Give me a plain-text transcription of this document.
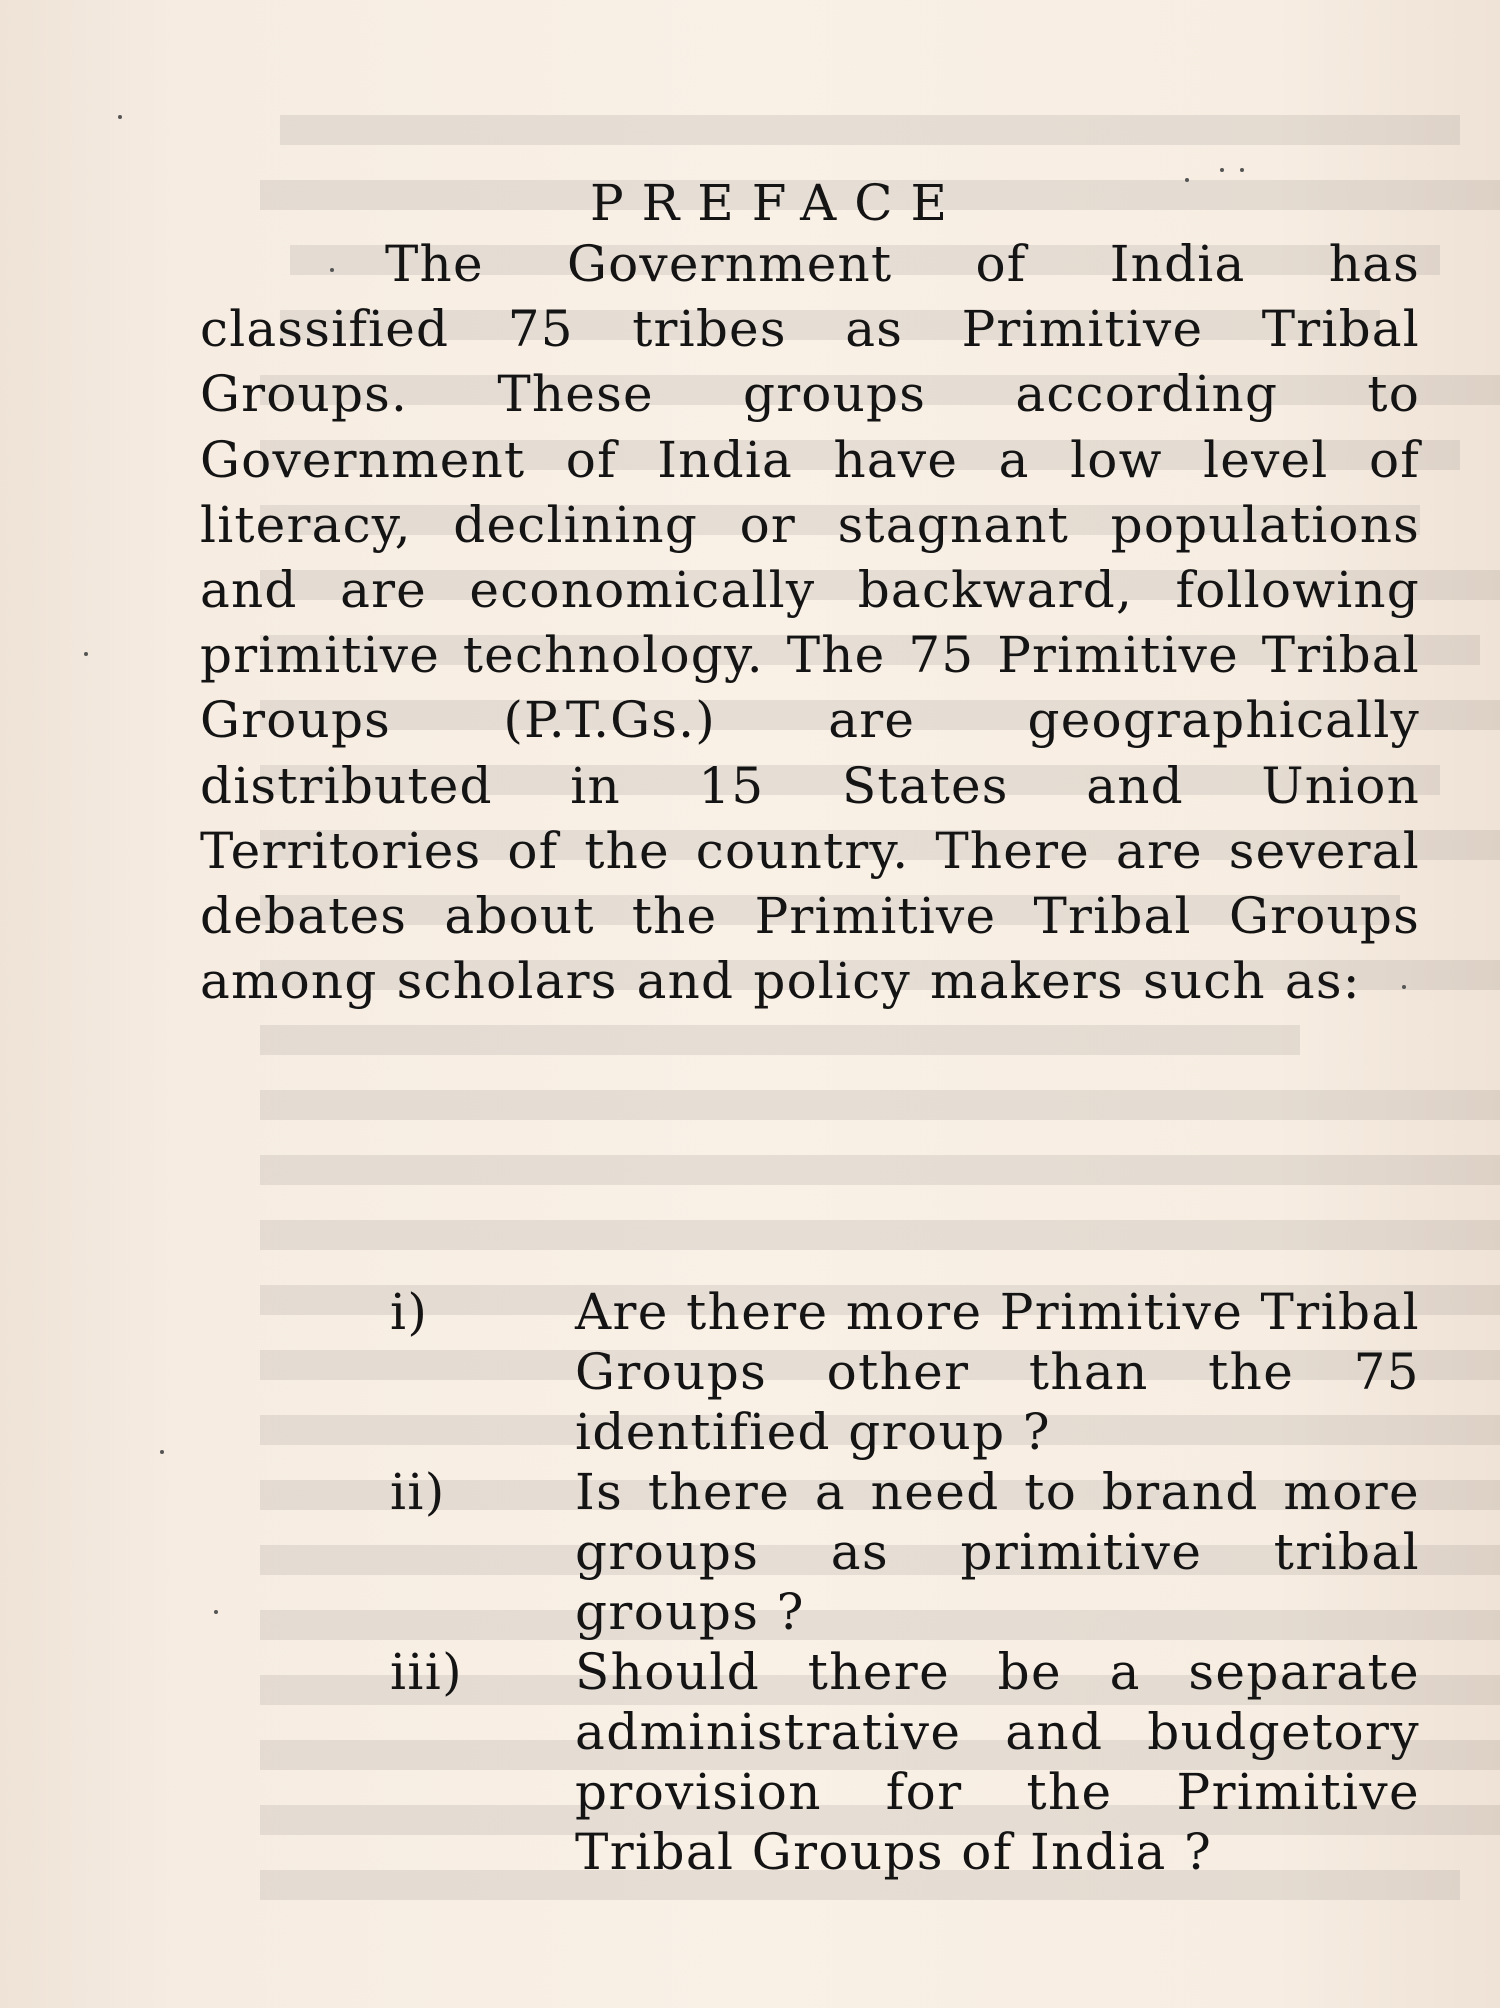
PREFACE

The Government of India has classified 75 tribes as Primitive Tribal Groups. These groups according to Government of India have a low level of literacy, declining or stagnant populations and are economically backward, following primitive technology. The 75 Primitive Tribal Groups (P.T.Gs.) are geographically distributed in 15 States and Union Territories of the country. There are several debates about the Primitive Tribal Groups among scholars and policy makers such as:

i)	Are there more Primitive Tribal Groups other than the 75 identified group ?
ii)	Is there a need to brand more groups as primitive tribal groups ?
iii) Should there be a separate administrative and budgetory provision for the Primitive Tribal Groups of India ?
